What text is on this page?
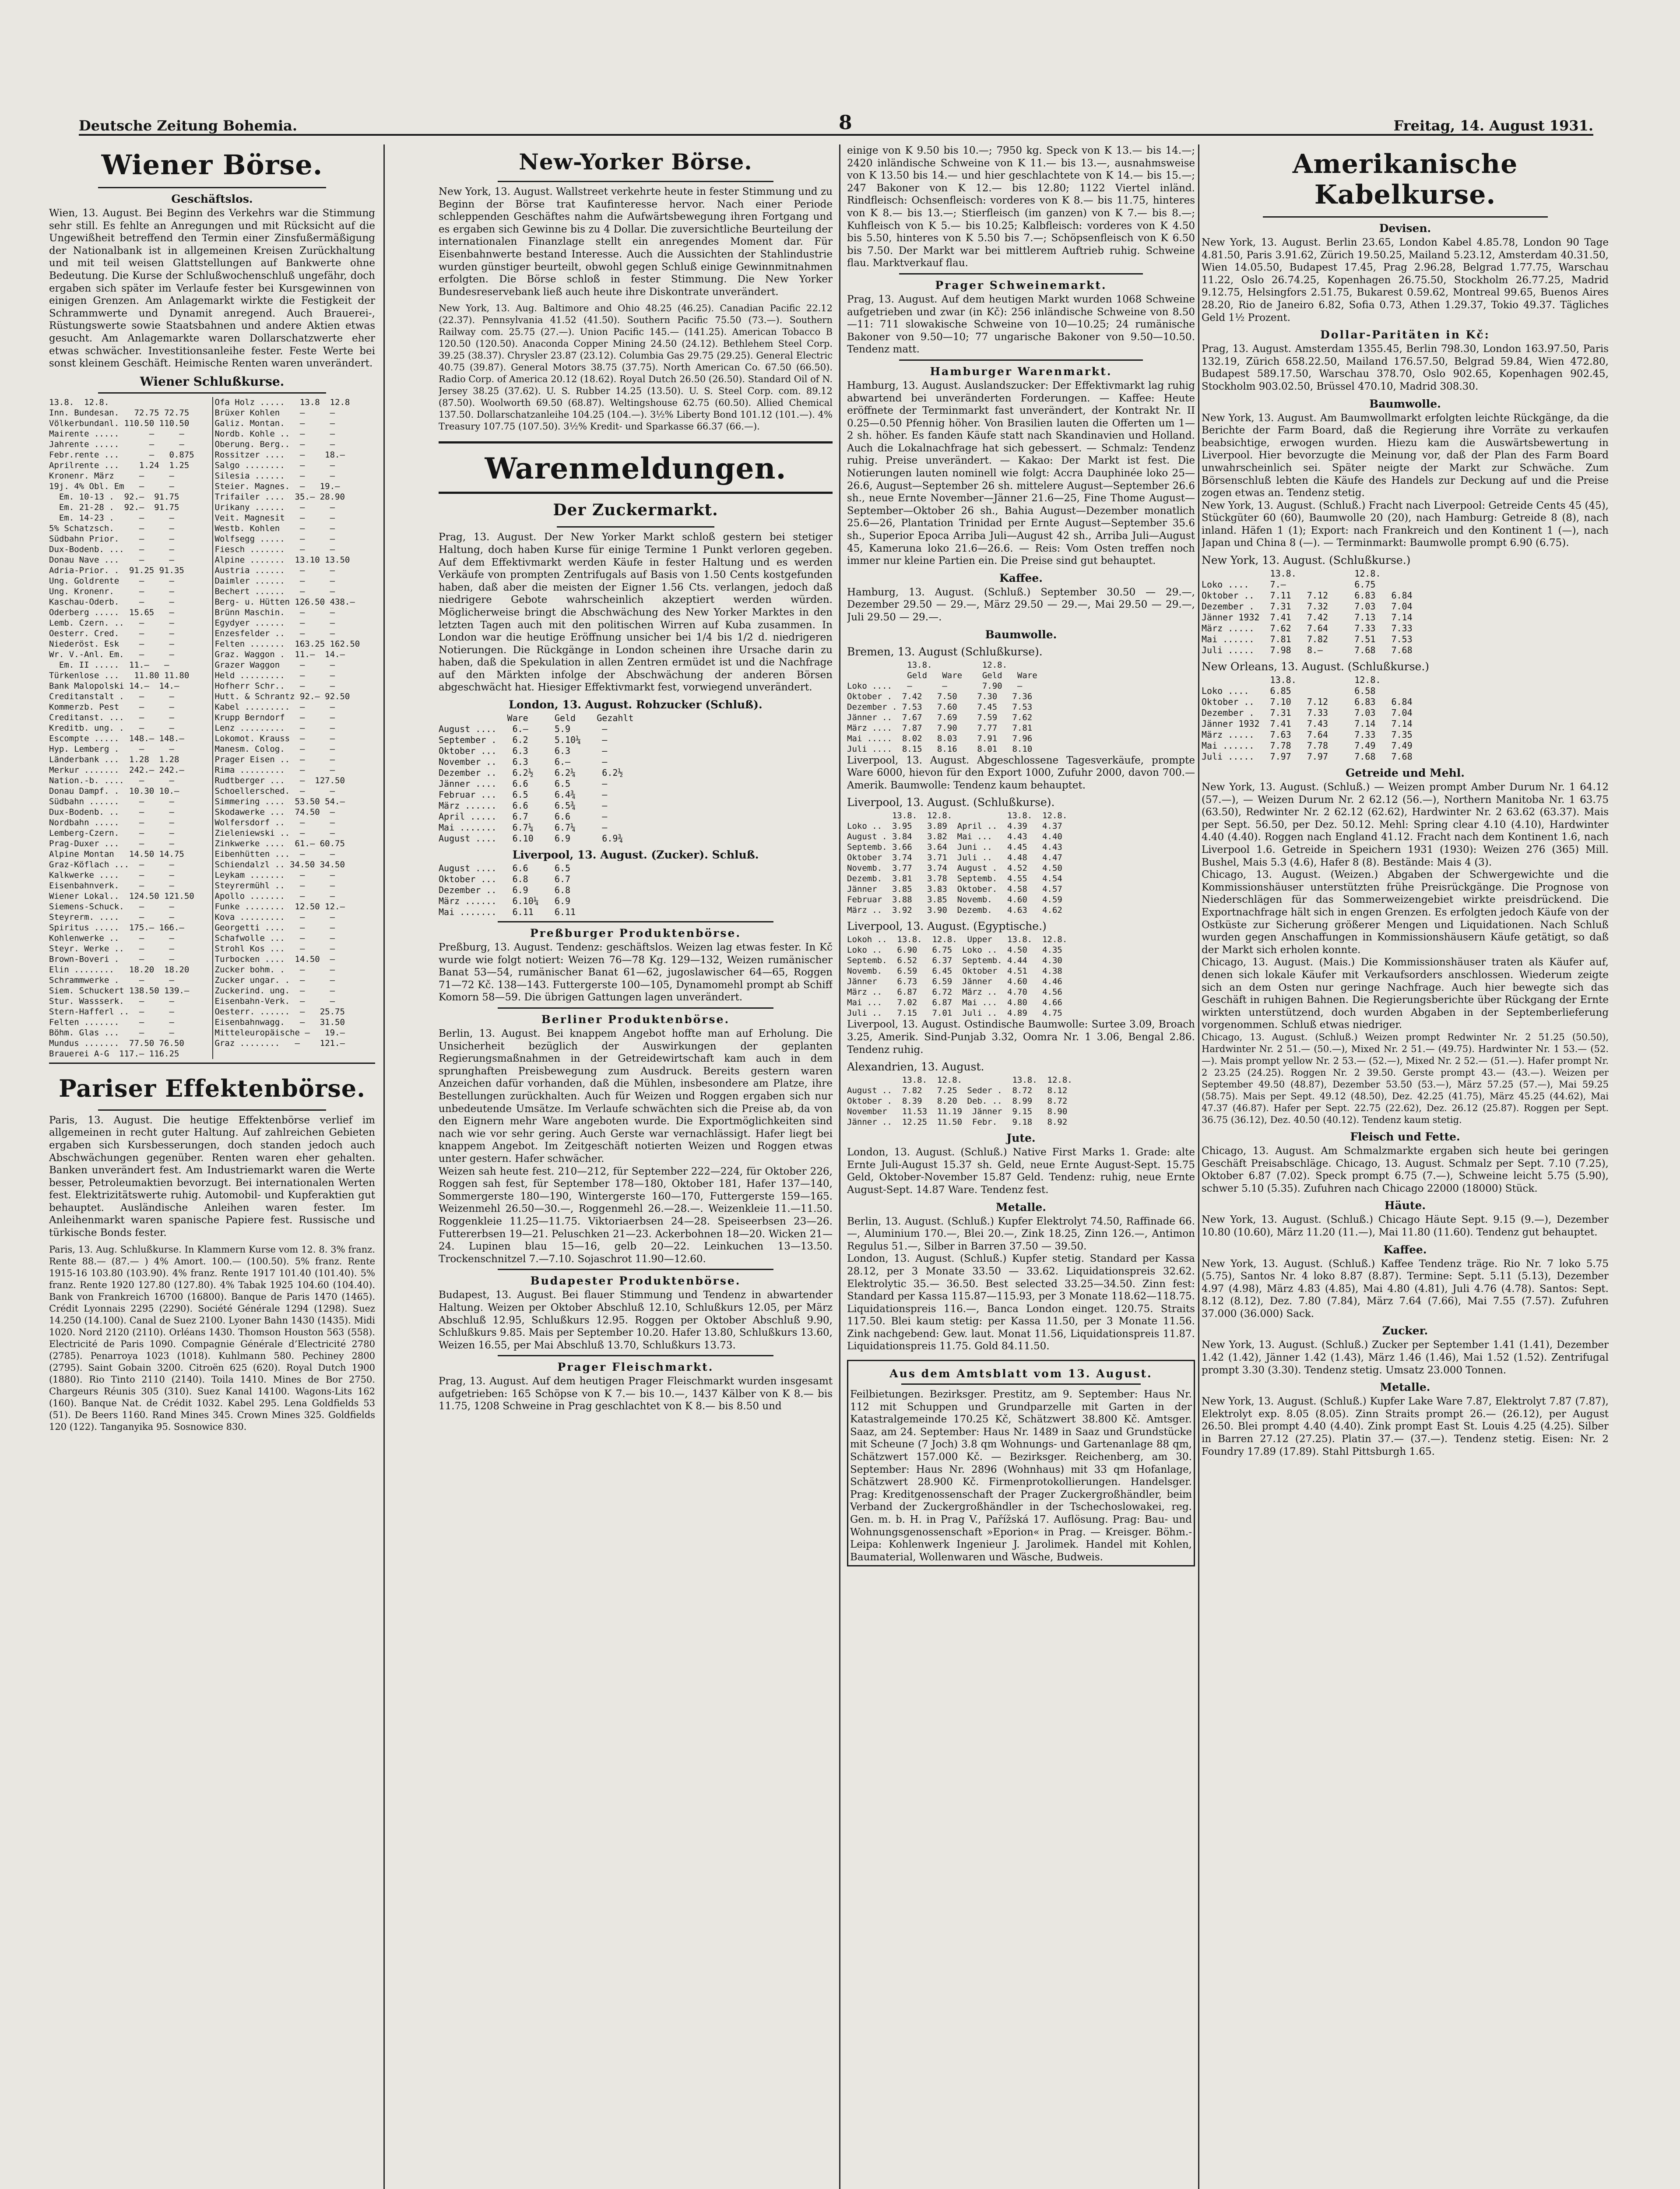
Deutsche Zeitung Bohemia.	8	Freitag, 14. August 1931.
Wiener Börse.
Geschäftslos.

Wien, 13. August. Bei Beginn des Verkehrs war die Stimmung sehr still. Es fehlte an Anregungen und mit Rücksicht auf die Ungewißheit betreffend den Termin einer Zinsfußermäßigung der Nationalbank ist in allgemeinen Kreisen Zurückhaltung und mit teil weisen Glattstellungen auf Bankwerte ohne Bedeutung. Die Kurse der Schlußwochenschluß ungefähr, doch ergaben sich später im Verlaufe fester bei Kursgewinnen von einigen Grenzen. Am Anlagemarkt wirkte die Festigkeit der Schrammwerte und Dynamit anregend. Auch Brauerei-, Rüstungswerte sowie Staatsbahnen und andere Aktien etwas gesucht. Am Anlagemarkte waren Dollarschatzwerte eher etwas schwächer. Investitionsanleihe fester. Feste Werte bei sonst kleinem Geschäft. Heimische Renten waren unverändert.

Wiener Schlußkurse.
13.8.  12.8.
Inn. Bundesan.   72.75 72.75
Völkerbundanl. 110.50 110.50
Mairente .....      —     —
Jahrente .....      —     —
Febr.rente ...      —   0.875
Aprilrente ...    1.24  1.25
Kronenr. März     —     —
19j. 4% Obl. Em   —     —
Em. 10-13 .  92.—  91.75
Em. 21-28 .  92.—  91.75
Em. 14-23 .     —     —
5% Schatzsch.     —     —
Südbahn Prior.    —     —
Dux-Bodenb. ...   —     —
Donau Nave ...    —     —
Adria-Prior. .  91.25 91.35
Ung. Goldrente    —     —
Ung. Kronenr.     —     —
Kaschau-Oderb.    —     —
Oderberg .....  15.65   —
Lemb. Czern. ..   —     —
Oesterr. Cred.    —     —
Niederöst. Esk    —     —
Wr. V.-Anl. Em.   —     —
Em. II .....  11.—   —
Türkenlose ...   11.80 11.80
Bank Malopolski 14.—  14.—
Creditanstalt .   —     —
Kommerzb. Pest    —     —
Creditanst. ...   —     —
Kreditb. ung. .   —     —
Escompte .....  148.— 148.—
Hyp. Lemberg .    —     —
Länderbank ...  1.28  1.28
Merkur .......  242.— 242.—
Nation.-b. ....   —     —
Donau Dampf. .  10.30 10.—
Südbahn ......    —     —
Dux-Bodenb. ..    —     —
Nordbahn .....    —     —
Lemberg-Czern.    —     —
Prag-Duxer ...    —     —
Alpine Montan   14.50 14.75
Graz-Köflach ...  —     —
Kalkwerke ....    —     —
Eisenbahnverk.    —     —
Wiener Lokal..  124.50 121.50
Siemens-Schuck.   —     —
Steyrerm. ....    —     —
Spiritus .....  175.— 166.—
Kohlenwerke ..    —     —
Steyr. Werke ..   —     —
Brown-Boveri .    —     —
Elin ........   18.20  18.20
Schrammwerke .    —     —
Siem. Schuckert 138.50 139.—
Stur. Wassserk.   —     —
Stern-Hafferl ..  —     —
Felten .......    —     —
Böhm. Glas ...    —     —
Mundus .......  77.50 76.50
Brauerei A-G  117.— 116.25
Ofa Holz .....   13.8  12.8
Brüxer Kohlen    —     —
Galiz. Montan.   —     —
Nordb. Kohle ..  —     —
Oberung. Berg..  —     —
Rossitzer ....   —    18.—
Salgo ........   —     —
Silesia ......   —     —
Steier. Magnes.  —   19.—
Trifailer ....  35.— 28.90
Urikany ......   —     —
Veit. Magnesit   —     —
Westb. Kohlen    —     —
Wolfsegg .....   —     —
Fiesch .......   —     —
Alpine .......  13.10 13.50
Austria ......   —     —
Daimler ......   —     —
Bechert ......   —     —
Berg- u. Hütten 126.50 438.—
Brünn Maschin.   —     —
Egydyer ......   —     —
Enzesfelder ..   —     —
Felten .......  163.25 162.50
Graz. Waggon .  11.—  14.—
Grazer Waggon    —     —
Held .........   —     —
Hofherr Schr..   —     —
Hutt. & Schrantz 92.— 92.50
Kabel .........  —     —
Krupp Berndorf   —     —
Lenz .........   —     —
Lokomot. Krauss  —     —
Manesm. Colog.   —     —
Prager Eisen ..  —     —
Rima .........   —     —
Rudtberger ...   —  127.50
Schoellersched.  —     —
Simmering ....  53.50 54.—
Skodawerke ...  74.50  —
Wolfersdorf ..   —     —
Zieleniewski ..  —     —
Zinkwerke ....  61.— 60.75
Eibenhütten ...  —     —
Schiendalzl .. 34.50 34.50
Leykam .......   —     —
Steyrermühl ..   —     —
Apollo .......   —     —
Funke ........  12.50 12.—
Kova .........   —     —
Georgetti ....   —     —
Schafwolle ...   —     —
Strohl Kos ...   —     —
Turbocken ....  14.50  —
Zucker bohm. .   —     —
Zucker ungar. .  —     —
Zuckerind. ung.  —     —
Eisenbahn-Verk.  —     —
Oesterr. ......  —   25.75
Eisenbahnwagg.   —   31.50
Mitteleuropäische —   19.—
Graz ........   —    121.—
Pariser Effektenbörse.

Paris, 13. August. Die heutige Effektenbörse verlief im allgemeinen in recht guter Haltung. Auf zahlreichen Gebieten ergaben sich Kursbesserungen, doch standen jedoch auch Abschwächungen gegenüber. Renten waren eher gehalten. Banken unverändert fest. Am Industriemarkt waren die Werte besser, Petroleumaktien bevorzugt. Bei internationalen Werten fest. Elektrizitätswerte ruhig. Automobil- und Kupferaktien gut behauptet. Ausländische Anleihen waren fester. Im Anleihenmarkt waren spanische Papiere fest. Russische und türkische Bonds fester.

Paris, 13. Aug. Schlußkurse. In Klammern Kurse vom 12. 8. 3% franz. Rente 88.— (87.— ) 4% Amort. 100.— (100.50). 5% franz. Rente 1915-16 103.80 (103.90). 4% franz. Rente 1917 101.40 (101.40). 5% franz. Rente 1920 127.80 (127.80). 4% Tabak 1925 104.60 (104.40). Bank von Frankreich 16700 (16800). Banque de Paris 1470 (1465). Crédit Lyonnais 2295 (2290). Société Générale 1294 (1298). Suez 14.250 (14.100). Canal de Suez 2100. Lyoner Bahn 1430 (1435). Midi 1020. Nord 2120 (2110). Orléans 1430. Thomson Houston 563 (558). Electricité de Paris 1090. Compagnie Générale d’Electricité 2780 (2785). Penarroya 1023 (1018). Kuhlmann 580. Pechiney 2800 (2795). Saint Gobain 3200. Citroën 625 (620). Royal Dutch 1900 (1880). Rio Tinto 2110 (2140). Toila 1410. Mines de Bor 2750. Chargeurs Réunis 305 (310). Suez Kanal 14100. Wagons-Lits 162 (160). Banque Nat. de Crédit 1032. Kabel 295. Lena Goldfields 53 (51). De Beers 1160. Rand Mines 345. Crown Mines 325. Goldfields 120 (122). Tanganyika 95. Sosnowice 830.

New-Yorker Börse.

New York, 13. August. Wallstreet verkehrte heute in fester Stimmung und zu Beginn der Börse trat Kaufinteresse hervor. Nach einer Periode schleppenden Geschäftes nahm die Aufwärtsbewegung ihren Fortgang und es ergaben sich Gewinne bis zu 4 Dollar. Die zuversichtliche Beurteilung der internationalen Finanzlage stellt ein anregendes Moment dar. Für Eisenbahnwerte bestand Interesse. Auch die Aussichten der Stahlindustrie wurden günstiger beurteilt, obwohl gegen Schluß einige Gewinnmitnahmen erfolgten. Die Börse schloß in fester Stimmung. Die New Yorker Bundesreservebank ließ auch heute ihre Diskontrate unverändert.

New York, 13. Aug. Baltimore and Ohio 48.25 (46.25). Canadian Pacific 22.12 (22.37). Pennsylvania 41.52 (41.50). Southern Pacific 75.50 (73.—). Southern Railway com. 25.75 (27.—). Union Pacific 145.— (141.25). American Tobacco B 120.50 (120.50). Anaconda Copper Mining 24.50 (24.12). Bethlehem Steel Corp. 39.25 (38.37). Chrysler 23.87 (23.12). Columbia Gas 29.75 (29.25). General Electric 40.75 (39.87). General Motors 38.75 (37.75). North American Co. 67.50 (66.50). Radio Corp. of America 20.12 (18.62). Royal Dutch 26.50 (26.50). Standard Oil of N. Jersey 38.25 (37.62). U. S. Rubber 14.25 (13.50). U. S. Steel Corp. com. 89.12 (87.50). Woolworth 69.50 (68.87). Weltingshouse 62.75 (60.50). Allied Chemical 137.50. Dollarschatzanleihe 104.25 (104.—). 3½% Liberty Bond 101.12 (101.—). 4% Treasury 107.75 (107.50). 3½% Kredit- und Sparkasse 66.37 (66.—).

Warenmeldungen.
Der Zuckermarkt.

Prag, 13. August. Der New Yorker Markt schloß gestern bei stetiger Haltung, doch haben Kurse für einige Termine 1 Punkt verloren gegeben. Auf dem Effektivmarkt werden Käufe in fester Haltung und es werden Verkäufe von prompten Zentrifugals auf Basis von 1.50 Cents kostgefunden haben, daß aber die meisten der Eigner 1.56 Cts. verlangen, jedoch daß niedrigere Gebote wahrscheinlich akzeptiert werden würden. Möglicherweise bringt die Abschwächung des New Yorker Marktes in den letzten Tagen auch mit den politischen Wirren auf Kuba zusammen. In London war die heutige Eröffnung unsicher bei 1/4 bis 1/2 d. niedrigeren Notierungen. Die Rückgänge in London scheinen ihre Ursache darin zu haben, daß die Spekulation in allen Zentren ermüdet ist und die Nachfrage auf den Märkten infolge der Abschwächung der anderen Börsen abgeschwächt hat. Hiesiger Effektivmarkt fest, vorwiegend unverändert.

London, 13. August. Rohzucker (Schluß).
Ware     Geld    Gezahlt
August ....   6.—     5.9      —
September .   6.2     5.10¼    —
Oktober ...   6.3     6.3      —
November ..   6.3     6.—      —
Dezember ..   6.2½    6.2¼     6.2½
Jänner ....   6.6     6.5      —
Februar ...   6.5     6.4¾     —
März ......   6.6     6.5¾     —
April .....   6.7     6.6      —
Mai .......   6.7¼    6.7¼     —
August ....   6.10    6.9      6.9¾
Liverpool, 13. August. (Zucker). Schluß.
August ....   6.6     6.5
Oktober ...   6.8     6.7
Dezember ..   6.9     6.8
März ......   6.10¼   6.9
Mai .......   6.11    6.11
Preßburger Produktenbörse.

Preßburg, 13. August. Tendenz: geschäftslos. Weizen lag etwas fester. In Kč wurde wie folgt notiert: Weizen 76—78 Kg. 129—132, Weizen rumänischer Banat 53—54, rumänischer Banat 61—62, jugoslawischer 64—65, Roggen 71—72 Kč. 138—143. Futtergerste 100—105, Dynamomehl prompt ab Schiff Komorn 58—59. Die übrigen Gattungen lagen unverändert.

Berliner Produktenbörse.

Berlin, 13. August. Bei knappem Angebot hoffte man auf Erholung. Die Unsicherheit bezüglich der Auswirkungen der geplanten Regierungsmaßnahmen in der Getreidewirtschaft kam auch in dem sprunghaften Preisbewegung zum Ausdruck. Bereits gestern waren Anzeichen dafür vorhanden, daß die Mühlen, insbesondere am Platze, ihre Bestellungen zurückhalten. Auch für Weizen und Roggen ergaben sich nur unbedeutende Umsätze. Im Verlaufe schwächten sich die Preise ab, da von den Eignern mehr Ware angeboten wurde. Die Exportmöglichkeiten sind nach wie vor sehr gering. Auch Gerste war vernachlässigt. Hafer liegt bei knappem Angebot. Im Zeitgeschäft notierten Weizen und Roggen etwas unter gestern. Hafer schwächer.

Weizen sah heute fest. 210—212, für September 222—224, für Oktober 226, Roggen sah fest, für September 178—180, Oktober 181, Hafer 137—140, Sommergerste 180—190, Wintergerste 160—170, Futtergerste 159—165. Weizenmehl 26.50—30.—, Roggenmehl 26.—28.—. Weizenkleie 11.—11.50. Roggenkleie 11.25—11.75. Viktoriaerbsen 24—28. Speiseerbsen 23—26. Futtererbsen 19—21. Peluschken 21—23. Ackerbohnen 18—20. Wicken 21—24. Lupinen blau 15—16, gelb 20—22. Leinkuchen 13—13.50. Trockenschnitzel 7.—7.10. Sojaschrot 11.90—12.60.

Budapester Produktenbörse.

Budapest, 13. August. Bei flauer Stimmung und Tendenz in abwartender Haltung. Weizen per Oktober Abschluß 12.10, Schlußkurs 12.05, per März Abschluß 12.95, Schlußkurs 12.95. Roggen per Oktober Abschluß 9.90, Schlußkurs 9.85. Mais per September 10.20. Hafer 13.80, Schlußkurs 13.60, Weizen 16.55, per Mai Abschluß 13.70, Schlußkurs 13.73.

Prager Fleischmarkt.

Prag, 13. August. Auf dem heutigen Prager Fleischmarkt wurden insgesamt aufgetrieben: 165 Schöpse von K 7.— bis 10.—, 1437 Kälber von K 8.— bis 11.75, 1208 Schweine in Prag geschlachtet von K 8.— bis 8.50 und

einige von K 9.50 bis 10.—; 7950 kg. Speck von K 13.— bis 14.—; 2420 inländische Schweine von K 11.— bis 13.—, ausnahmsweise von K 13.50 bis 14.— und hier geschlachtete von K 14.— bis 15.—; 247 Bakoner von K 12.— bis 12.80; 1122 Viertel inländ. Rindfleisch: Ochsenfleisch: vorderes von K 8.— bis 11.75, hinteres von K 8.— bis 13.—; Stierfleisch (im ganzen) von K 7.— bis 8.—; Kuhfleisch von K 5.— bis 10.25; Kalbfleisch: vorderes von K 4.50 bis 5.50, hinteres von K 5.50 bis 7.—; Schöpsenfleisch von K 6.50 bis 7.50. Der Markt war bei mittlerem Auftrieb ruhig. Schweine flau. Marktverkauf flau.

Prager Schweinemarkt.

Prag, 13. August. Auf dem heutigen Markt wurden 1068 Schweine aufgetrieben und zwar (in Kč): 256 inländische Schweine von 8.50—11: 711 slowakische Schweine von 10—10.25; 24 rumänische Bakoner von 9.50—10; 77 ungarische Bakoner von 9.50—10.50. Tendenz matt.

Hamburger Warenmarkt.

Hamburg, 13. August. Auslandszucker: Der Effektivmarkt lag ruhig abwartend bei unveränderten Forderungen. — Kaffee: Heute eröffnete der Terminmarkt fast unverändert, der Kontrakt Nr. II 0.25—0.50 Pfennig höher. Von Brasilien lauten die Offerten um 1—2 sh. höher. Es fanden Käufe statt nach Skandinavien und Holland. Auch die Lokalnachfrage hat sich gebessert. — Schmalz: Tendenz ruhig. Preise unverändert. — Kakao: Der Markt ist fest. Die Notierungen lauten nominell wie folgt: Accra Dauphinée loko 25—26.6, August—September 26 sh. mittelere August—September 26.6 sh., neue Ernte November—Jänner 21.6—25, Fine Thome August—September—Oktober 26 sh., Bahia August—Dezember monatlich 25.6—26, Plantation Trinidad per Ernte August—September 35.6 sh., Superior Epoca Arriba Juli—August 42 sh., Arriba Juli—August 45, Kameruna loko 21.6—26.6. — Reis: Vom Osten treffen noch immer nur kleine Partien ein. Die Preise sind gut behauptet.

Kaffee.

Hamburg, 13. August. (Schluß.) September 30.50 — 29.—, Dezember 29.50 — 29.—, März 29.50 — 29.—, Mai 29.50 — 29.—, Juli 29.50 — 29.—.

Baumwolle.
Bremen, 13. August (Schlußkurse).
13.8.          12.8.
Geld   Ware    Geld   Ware
Loko ....   —      —       7.90   —
Oktober .  7.42   7.50    7.30   7.36
Dezember . 7.53   7.60    7.45   7.53
Jänner ..  7.67   7.69    7.59   7.62
März ....  7.87   7.90    7.77   7.81
Mai .....  8.02   8.03    7.91   7.96
Juli ....  8.15   8.16    8.01   8.10

Liverpool, 13. August. Abgeschlossene Tagesverkäufe, prompte Ware 6000, hievon für den Export 1000, Zufuhr 2000, davon 700.— Amerik. Baumwolle: Tendenz kaum behauptet.

Liverpool, 13. August. (Schlußkurse).
13.8.  12.8.           13.8.  12.8.
Loko ..  3.95   3.89  April ..  4.39   4.37
August . 3.84   3.82  Mai ...   4.43   4.40
Septemb. 3.66   3.64  Juni ..   4.45   4.43
Oktober  3.74   3.71  Juli ..   4.48   4.47
Novemb.  3.77   3.74  August .  4.52   4.50
Dezemb.  3.81   3.78  Septemb.  4.55   4.54
Jänner   3.85   3.83  Oktober.  4.58   4.57
Februar  3.88   3.85  Novemb.   4.60   4.59
März ..  3.92   3.90  Dezemb.   4.63   4.62
Liverpool, 13. August. (Egyptische.)
Lokoh ..  13.8.  12.8.  Upper   13.8.  12.8.
Loko ..   6.90   6.75  Loko ..  4.50   4.35
Septemb.  6.52   6.37  Septemb. 4.44   4.30
Novemb.   6.59   6.45  Oktober  4.51   4.38
Jänner    6.73   6.59  Jänner   4.60   4.46
März ..   6.87   6.72  März ..  4.70   4.56
Mai ...   7.02   6.87  Mai ...  4.80   4.66
Juli ..   7.15   7.01  Juli ..  4.89   4.75

Liverpool, 13. August. Ostindische Baumwolle: Surtee 3.09, Broach 3.25, Amerik. Sind-Punjab 3.32, Oomra Nr. 1 3.06, Bengal 2.86. Tendenz ruhig.

Alexandrien, 13. August.
13.8.  12.8.          13.8.  12.8.
August ..  7.82   7.25  Seder .  8.72   8.12
Oktober .  8.39   8.20  Deb. ..  8.99   8.72
November   11.53  11.19  Jänner  9.15   8.90
Jänner ..  12.25  11.50  Febr.   9.18   8.92
Jute.

London, 13. August. (Schluß.) Native First Marks 1. Grade: alte Ernte Juli-August 15.37 sh. Geld, neue Ernte August-Sept. 15.75 Geld, Oktober-November 15.87 Geld. Tendenz: ruhig, neue Ernte August-Sept. 14.87 Ware. Tendenz fest.

Metalle.

Berlin, 13. August. (Schluß.) Kupfer Elektrolyt 74.50, Raffinade 66.—, Aluminium 170.—, Blei 20.—, Zink 18.25, Zinn 126.—, Antimon Regulus 51.—, Silber in Barren 37.50 — 39.50.

London, 13. August. (Schluß.) Kupfer stetig. Standard per Kassa 28.12, per 3 Monate 33.50 — 33.62. Liquidationspreis 32.62. Elektrolytic 35.— 36.50. Best selected 33.25—34.50. Zinn fest: Standard per Kassa 115.87—115.93, per 3 Monate 118.62—118.75. Liquidationspreis 116.—, Banca London einget. 120.75. Straits 117.50. Blei kaum stetig: per Kassa 11.50, per 3 Monate 11.56. Zink nachgebend: Gew. laut. Monat 11.56, Liquidationspreis 11.87. Liquidationspreis 11.75. Gold 84.11.50.

Aus dem Amtsblatt vom 13. August.

Feilbietungen. Bezirksger. Prestitz, am 9. September: Haus Nr. 112 mit Schuppen und Grundparzelle mit Garten in der Katastralgemeinde 170.25 Kč, Schätzwert 38.800 Kč. Amtsger. Saaz, am 24. September: Haus Nr. 1489 in Saaz und Grundstücke mit Scheune (7 Joch) 3.8 qm Wohnungs- und Gartenanlage 88 qm, Schätzwert 157.000 Kč. — Bezirksger. Reichenberg, am 30. September: Haus Nr. 2896 (Wohnhaus) mit 33 qm Hofanlage, Schätzwert 28.900 Kč. Firmenprotokollierungen. Handelsger. Prag: Kreditgenossenschaft der Prager Zuckergroßhändler, beim Verband der Zuckergroßhändler in der Tschechoslowakei, reg. Gen. m. b. H. in Prag V., Pařížská 17. Auflösung. Prag: Bau- und Wohnungsgenossenschaft »Eporion« in Prag. — Kreisger. Böhm.-Leipa: Kohlenwerk Ingenieur J. Jarolimek. Handel mit Kohlen, Baumaterial, Wollenwaren und Wäsche, Budweis.

Amerikanische Kabelkurse.
Devisen.

New York, 13. August. Berlin 23.65, London Kabel 4.85.78, London 90 Tage 4.81.50, Paris 3.91.62, Zürich 19.50.25, Mailand 5.23.12, Amsterdam 40.31.50, Wien 14.05.50, Budapest 17.45, Prag 2.96.28, Belgrad 1.77.75, Warschau 11.22, Oslo 26.74.25, Kopenhagen 26.75.50, Stockholm 26.77.25, Madrid 9.12.75, Helsingfors 2.51.75, Bukarest 0.59.62, Montreal 99.65, Buenos Aires 28.20, Rio de Janeiro 6.82, Sofia 0.73, Athen 1.29.37, Tokio 49.37. Tägliches Geld 1½ Prozent.

Dollar-Paritäten in Kč:

Prag, 13. August. Amsterdam 1355.45, Berlin 798.30, London 163.97.50, Paris 132.19, Zürich 658.22.50, Mailand 176.57.50, Belgrad 59.84, Wien 472.80, Budapest 589.17.50, Warschau 378.70, Oslo 902.65, Kopenhagen 902.45, Stockholm 903.02.50, Brüssel 470.10, Madrid 308.30.

Baumwolle.

New York, 13. August. Am Baumwollmarkt erfolgten leichte Rückgänge, da die Berichte der Farm Board, daß die Regierung ihre Vorräte zu verkaufen beabsichtige, erwogen wurden. Hiezu kam die Auswärtsbewertung in Liverpool. Hier bevorzugte die Meinung vor, daß der Plan des Farm Board unwahrscheinlich sei. Später neigte der Markt zur Schwäche. Zum Börsenschluß lebten die Käufe des Handels zur Deckung auf und die Preise zogen etwas an. Tendenz stetig.

New York, 13. August. (Schluß.) Fracht nach Liverpool: Getreide Cents 45 (45), Stückgüter 60 (60), Baumwolle 20 (20), nach Hamburg: Getreide 8 (8), nach inland. Häfen 1 (1); Export: nach Frankreich und den Kontinent 1 (—), nach Japan und China 8 (—). — Terminmarkt: Baumwolle prompt 6.90 (6.75).

New York, 13. August. (Schlußkurse.)
13.8.           12.8.
Loko ....    7.—             6.75
Oktober ..   7.11   7.12     6.83   6.84
Dezember .   7.31   7.32     7.03   7.04
Jänner 1932  7.41   7.42     7.13   7.14
März .....   7.62   7.64     7.33   7.33
Mai ......   7.81   7.82     7.51   7.53
Juli .....   7.98   8.—      7.68   7.68
New Orleans, 13. August. (Schlußkurse.)
13.8.           12.8.
Loko ....    6.85            6.58
Oktober ..   7.10   7.12     6.83   6.84
Dezember .   7.31   7.33     7.03   7.04
Jänner 1932  7.41   7.43     7.14   7.14
März .....   7.63   7.64     7.33   7.35
Mai ......   7.78   7.78     7.49   7.49
Juli .....   7.97   7.97     7.68   7.68
Getreide und Mehl.

New York, 13. August. (Schluß.) — Weizen prompt Amber Durum Nr. 1 64.12 (57.—), — Weizen Durum Nr. 2 62.12 (56.—), Northern Manitoba Nr. 1 63.75 (63.50), Redwinter Nr. 2 62.12 (62.62), Hardwinter Nr. 2 63.62 (63.37). Mais per Sept. 56.50, per Dez. 50.12. Mehl: Spring clear 4.10 (4.10), Hardwinter 4.40 (4.40). Roggen nach England 41.12. Fracht nach dem Kontinent 1.6, nach Liverpool 1.6. Getreide in Speichern 1931 (1930): Weizen 276 (365) Mill. Bushel, Mais 5.3 (4.6), Hafer 8 (8). Bestände: Mais 4 (3).

Chicago, 13. August. (Weizen.) Abgaben der Schwergewichte und die Kommissionshäuser unterstützten frühe Preisrückgänge. Die Prognose von Niederschlägen für das Sommerweizengebiet wirkte preisdrückend. Die Exportnachfrage hält sich in engen Grenzen. Es erfolgten jedoch Käufe von der Ostküste zur Sicherung größerer Mengen und Liquidationen. Nach Schluß wurden gegen Anschaffungen in Kommissionshäusern Käufe getätigt, so daß der Markt sich erholen konnte.

Chicago, 13. August. (Mais.) Die Kommissionshäuser traten als Käufer auf, denen sich lokale Käufer mit Verkaufsorders anschlossen. Wiederum zeigte sich an dem Osten nur geringe Nachfrage. Auch hier bewegte sich das Geschäft in ruhigen Bahnen. Die Regierungsberichte über Rückgang der Ernte wirkten unterstützend, doch wurden Abgaben in der Septemberlieferung vorgenommen. Schluß etwas niedriger.

Chicago, 13. August. (Schluß.) Weizen prompt Redwinter Nr. 2 51.25 (50.50), Hardwinter Nr. 2 51.— (50.—), Mixed Nr. 2 51.— (49.75). Hardwinter Nr. 1 53.— (52.—). Mais prompt yellow Nr. 2 53.— (52.—), Mixed Nr. 2 52.— (51.—). Hafer prompt Nr. 2 23.25 (24.25). Roggen Nr. 2 39.50. Gerste prompt 43.— (43.—). Weizen per September 49.50 (48.87), Dezember 53.50 (53.—), März 57.25 (57.—), Mai 59.25 (58.75). Mais per Sept. 49.12 (48.50), Dez. 42.25 (41.75), März 45.25 (44.62), Mai 47.37 (46.87). Hafer per Sept. 22.75 (22.62), Dez. 26.12 (25.87). Roggen per Sept. 36.75 (36.12), Dez. 40.50 (40.12). Tendenz kaum stetig.

Fleisch und Fette.

Chicago, 13. August. Am Schmalzmarkte ergaben sich heute bei geringen Geschäft Preisabschläge. Chicago, 13. August. Schmalz per Sept. 7.10 (7.25), Oktober 6.87 (7.02). Speck prompt 6.75 (7.—), Schweine leicht 5.75 (5.90), schwer 5.10 (5.35). Zufuhren nach Chicago 22000 (18000) Stück.

Häute.

New York, 13. August. (Schluß.) Chicago Häute Sept. 9.15 (9.—), Dezember 10.80 (10.60), März 11.20 (11.—), Mai 11.80 (11.60). Tendenz gut behauptet.

Kaffee.

New York, 13. August. (Schluß.) Kaffee Tendenz träge. Rio Nr. 7 loko 5.75 (5.75), Santos Nr. 4 loko 8.87 (8.87). Termine: Sept. 5.11 (5.13), Dezember 4.97 (4.98), März 4.83 (4.85), Mai 4.80 (4.81), Juli 4.76 (4.78). Santos: Sept. 8.12 (8.12), Dez. 7.80 (7.84), März 7.64 (7.66), Mai 7.55 (7.57). Zufuhren 37.000 (36.000) Sack.

Zucker.

New York, 13. August. (Schluß.) Zucker per September 1.41 (1.41), Dezember 1.42 (1.42), Jänner 1.42 (1.43), März 1.46 (1.46), Mai 1.52 (1.52). Zentrifugal prompt 3.30 (3.30). Tendenz stetig. Umsatz 23.000 Tonnen.

Metalle.

New York, 13. August. (Schluß.) Kupfer Lake Ware 7.87, Elektrolyt 7.87 (7.87), Elektrolyt exp. 8.05 (8.05). Zinn Straits prompt 26.— (26.12), per August 26.50. Blei prompt 4.40 (4.40). Zink prompt East St. Louis 4.25 (4.25). Silber in Barren 27.12 (27.25). Platin 37.— (37.—). Tendenz stetig. Eisen: Nr. 2 Foundry 17.89 (17.89). Stahl Pittsburgh 1.65.
